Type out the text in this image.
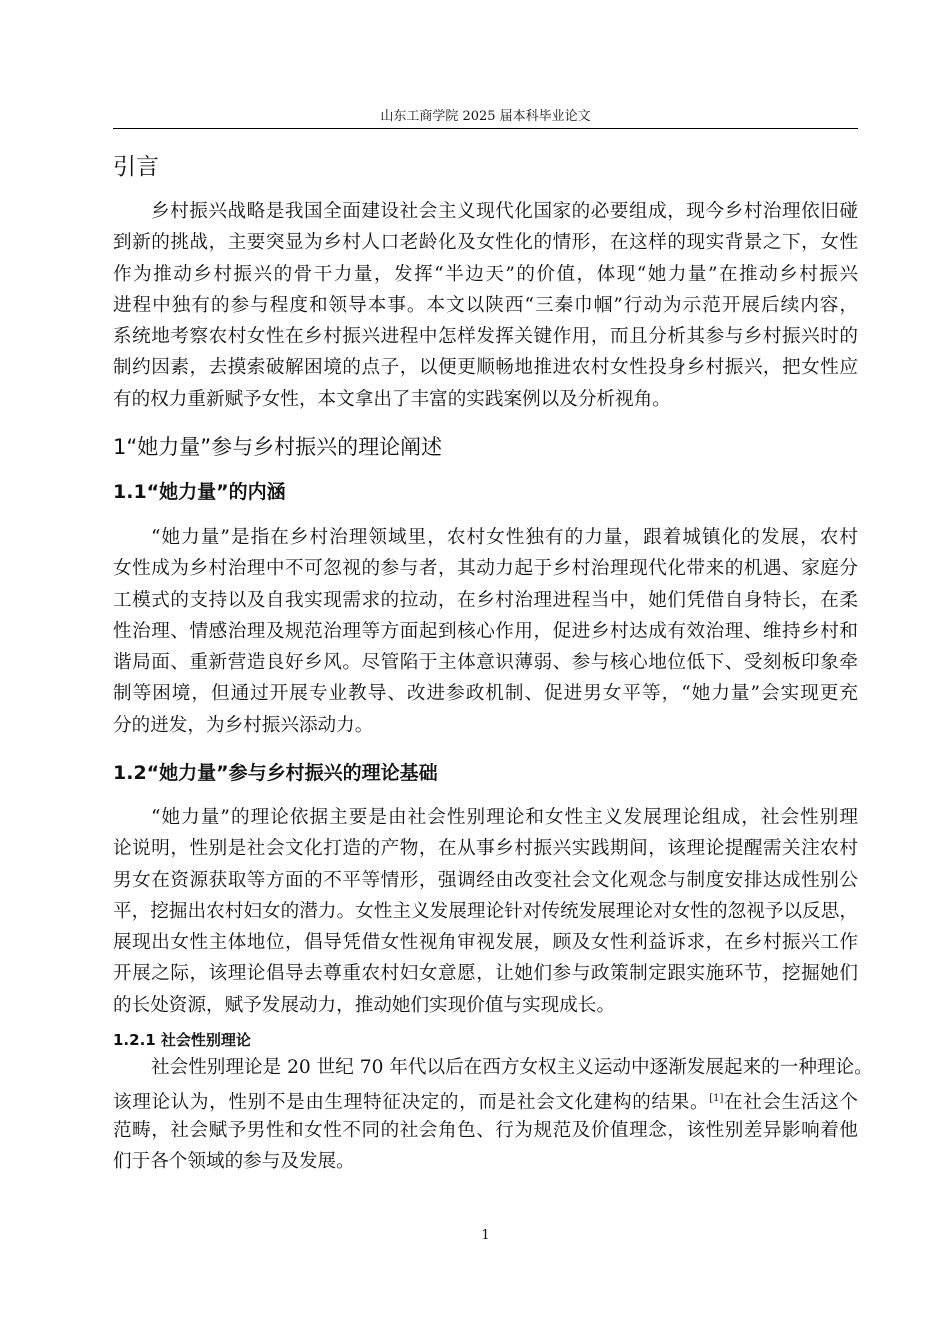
山东工商学院 2025 届本科毕业论文
引言
乡村振兴战略是我国全面建设社会主义现代化国家的必要组成，现今乡村治理依旧碰
到新的挑战，主要突显为乡村人口老龄化及女性化的情形，在这样的现实背景之下，女性
作为推动乡村振兴的骨干力量，发挥“半边天”的价值，体现“她力量”在推动乡村振兴
进程中独有的参与程度和领导本事。本文以陕西“三秦巾帼”行动为示范开展后续内容，
系统地考察农村女性在乡村振兴进程中怎样发挥关键作用，而且分析其参与乡村振兴时的
制约因素，去摸索破解困境的点子，以便更顺畅地推进农村女性投身乡村振兴，把女性应
有的权力重新赋予女性，本文拿出了丰富的实践案例以及分析视角。
1“她力量”参与乡村振兴的理论阐述
1.1“她力量”的内涵
“她力量”是指在乡村治理领域里，农村女性独有的力量，跟着城镇化的发展，农村
女性成为乡村治理中不可忽视的参与者，其动力起于乡村治理现代化带来的机遇、家庭分
工模式的支持以及自我实现需求的拉动，在乡村治理进程当中，她们凭借自身特长，在柔
性治理、情感治理及规范治理等方面起到核心作用，促进乡村达成有效治理、维持乡村和
谐局面、重新营造良好乡风。尽管陷于主体意识薄弱、参与核心地位低下、受刻板印象牵
制等困境，但通过开展专业教导、改进参政机制、促进男女平等，“她力量”会实现更充
分的迸发，为乡村振兴添动力。
1.2“她力量”参与乡村振兴的理论基础
“她力量”的理论依据主要是由社会性别理论和女性主义发展理论组成，社会性别理
论说明，性别是社会文化打造的产物，在从事乡村振兴实践期间，该理论提醒需关注农村
男女在资源获取等方面的不平等情形，强调经由改变社会文化观念与制度安排达成性别公
平，挖掘出农村妇女的潜力。女性主义发展理论针对传统发展理论对女性的忽视予以反思，
展现出女性主体地位，倡导凭借女性视角审视发展，顾及女性利益诉求，在乡村振兴工作
开展之际，该理论倡导去尊重农村妇女意愿，让她们参与政策制定跟实施环节，挖掘她们
的长处资源，赋予发展动力，推动她们实现价值与实现成长。
1.2.1 社会性别理论
社会性别理论是 20 世纪 70 年代以后在西方女权主义运动中逐渐发展起来的一种理论。
该理论认为，性别不是由生理特征决定的，而是社会文化建构的结果。[1]在社会生活这个
范畴，社会赋予男性和女性不同的社会角色、行为规范及价值理念，该性别差异影响着他
们于各个领域的参与及发展。
1
